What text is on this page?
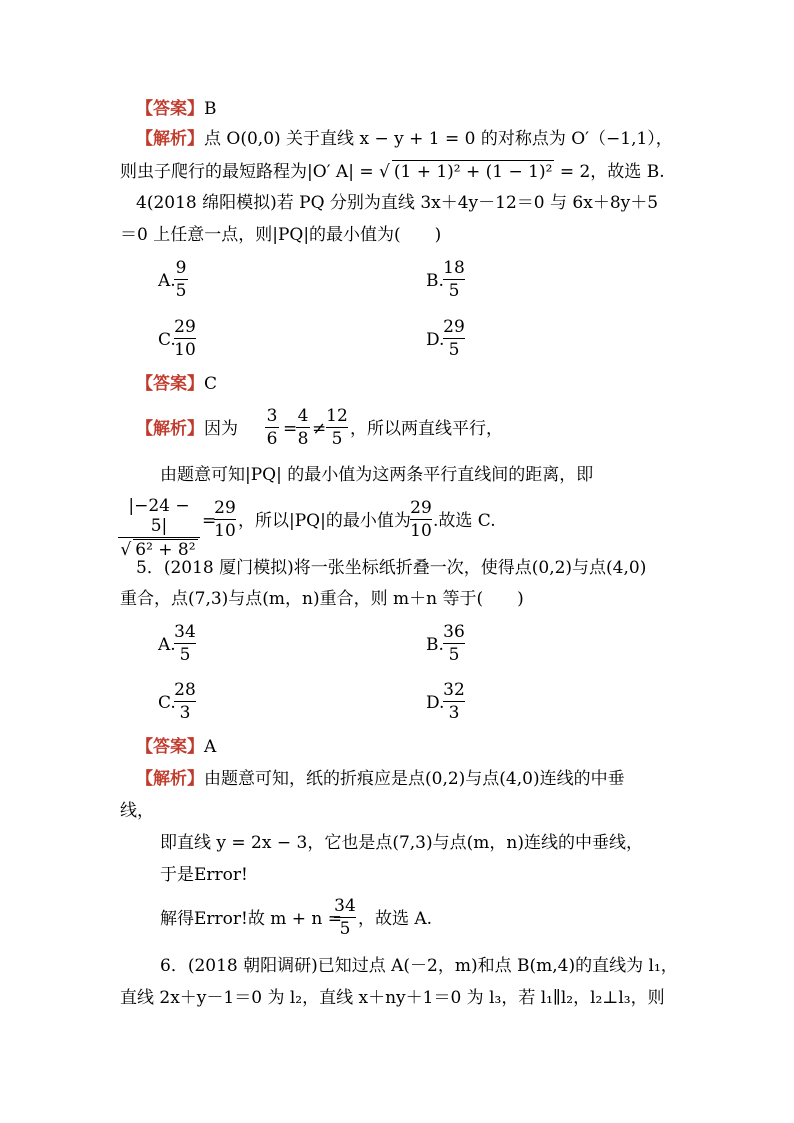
【答案】B
【解析】点 O(0,0) 关于直线 x − y + 1 = 0 的对称点为 O′（−1,1），
则虫子爬行的最短路程为|O′ A| = √ (1 + 1)² + (1 − 1)² = 2，故选 B.
4(2018 绵阳模拟)若 PQ 分别为直线 3x＋4y－12＝0 与 6x＋8y＋5
＝0 上任意一点，则|PQ|的最小值为(　　)
A.
9
5	B.
18
5
C.
29
10	D.
29
5
【答案】C
【解析】因为
3
6 =
4
8 ≠
12
5 ，所以两直线平行，
由题意可知|PQ| 的最小值为这两条平行直线间的距离，即
|−24 − 5|
√ 6² + 8²
=
29
10 ，所以|PQ|的最小值为
29
10 .故选 C.
5．(2018 厦门模拟)将一张坐标纸折叠一次，使得点(0,2)与点(4,0)
重合，点(7,3)与点(m，n)重合，则 m＋n 等于(　　)
A.
34
5	B.
36
5
C.
28
3	D.
32
3
【答案】A
【解析】由题意可知，纸的折痕应是点(0,2)与点(4,0)连线的中垂
线，
即直线 y = 2x − 3，它也是点(7,3)与点(m，n)连线的中垂线，
于是Error!
解得Error!故 m + n =
34
5 ，故选 A.
6．(2018 朝阳调研)已知过点 A(－2，m)和点 B(m,4)的直线为 l₁，
直线 2x＋y－1＝0 为 l₂，直线 x＋ny＋1＝0 为 l₃，若 l₁∥l₂，l₂⊥l₃，则
